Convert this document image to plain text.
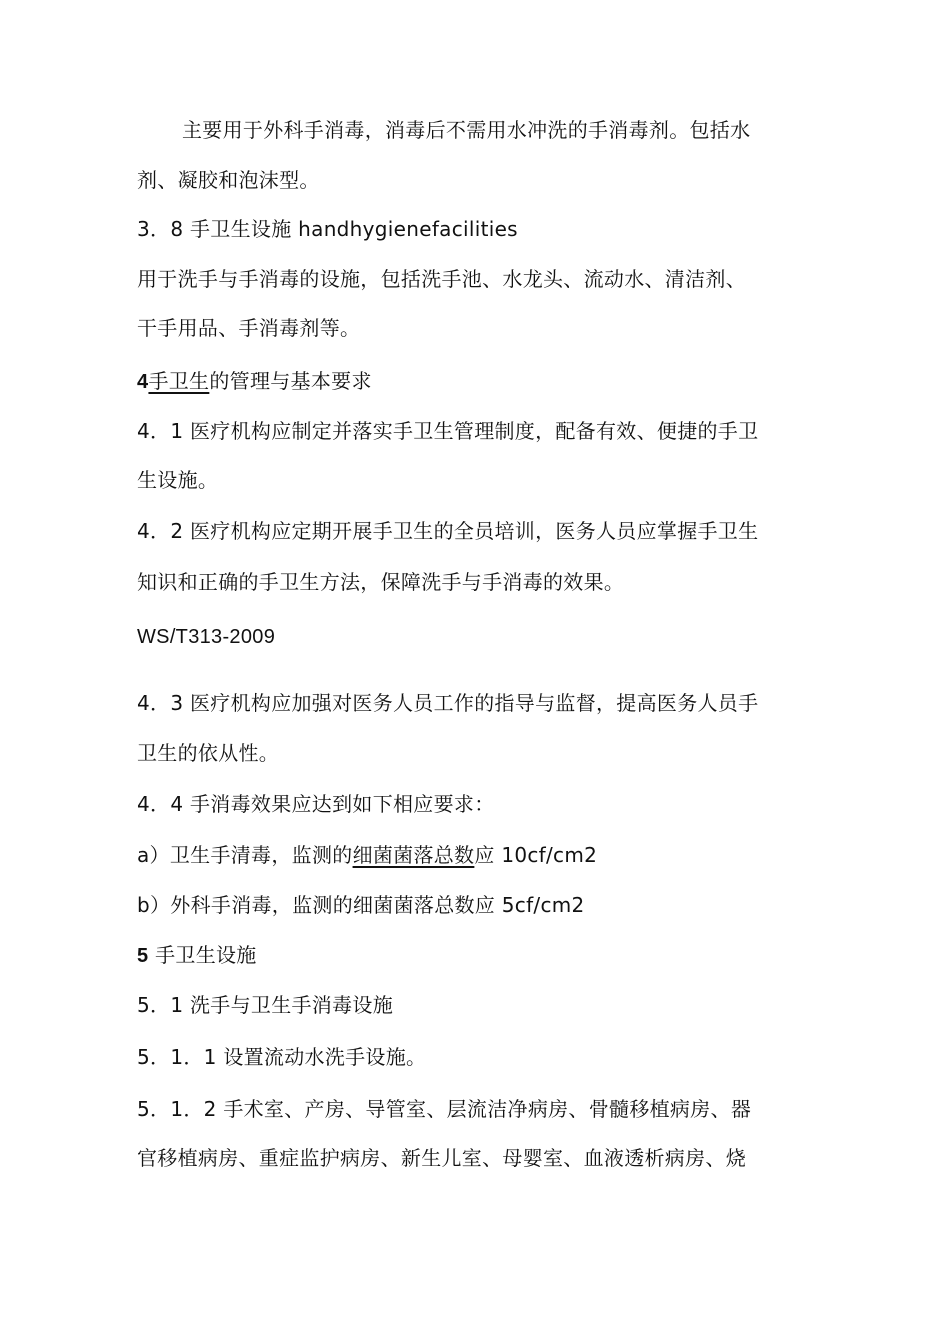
主要用于外科手消毒，消毒后不需用水冲洗的手消毒剂。包括水

剂、凝胶和泡沫型。

3．8 手卫生设施 handhygienefacilities

用于洗手与手消毒的设施，包括洗手池、水龙头、流动水、清洁剂、

干手用品、手消毒剂等。

4手卫生的管理与基本要求

4．1 医疗机构应制定并落实手卫生管理制度，配备有效、便捷的手卫

生设施。

4．2 医疗机构应定期开展手卫生的全员培训，医务人员应掌握手卫生

知识和正确的手卫生方法，保障洗手与手消毒的效果。

WS/T313-2009

4．3 医疗机构应加强对医务人员工作的指导与监督，提高医务人员手

卫生的依从性。

4．4 手消毒效果应达到如下相应要求：

a）卫生手清毒，监测的细菌菌落总数应 10cf/cm2

b）外科手消毒，监测的细菌菌落总数应 5cf/cm2

5 手卫生设施

5．1 洗手与卫生手消毒设施

5．1．1 设置流动水洗手设施。

5．1．2 手术室、产房、导管室、层流洁净病房、骨髓移植病房、器

官移植病房、重症监护病房、新生儿室、母婴室、血液透析病房、烧
